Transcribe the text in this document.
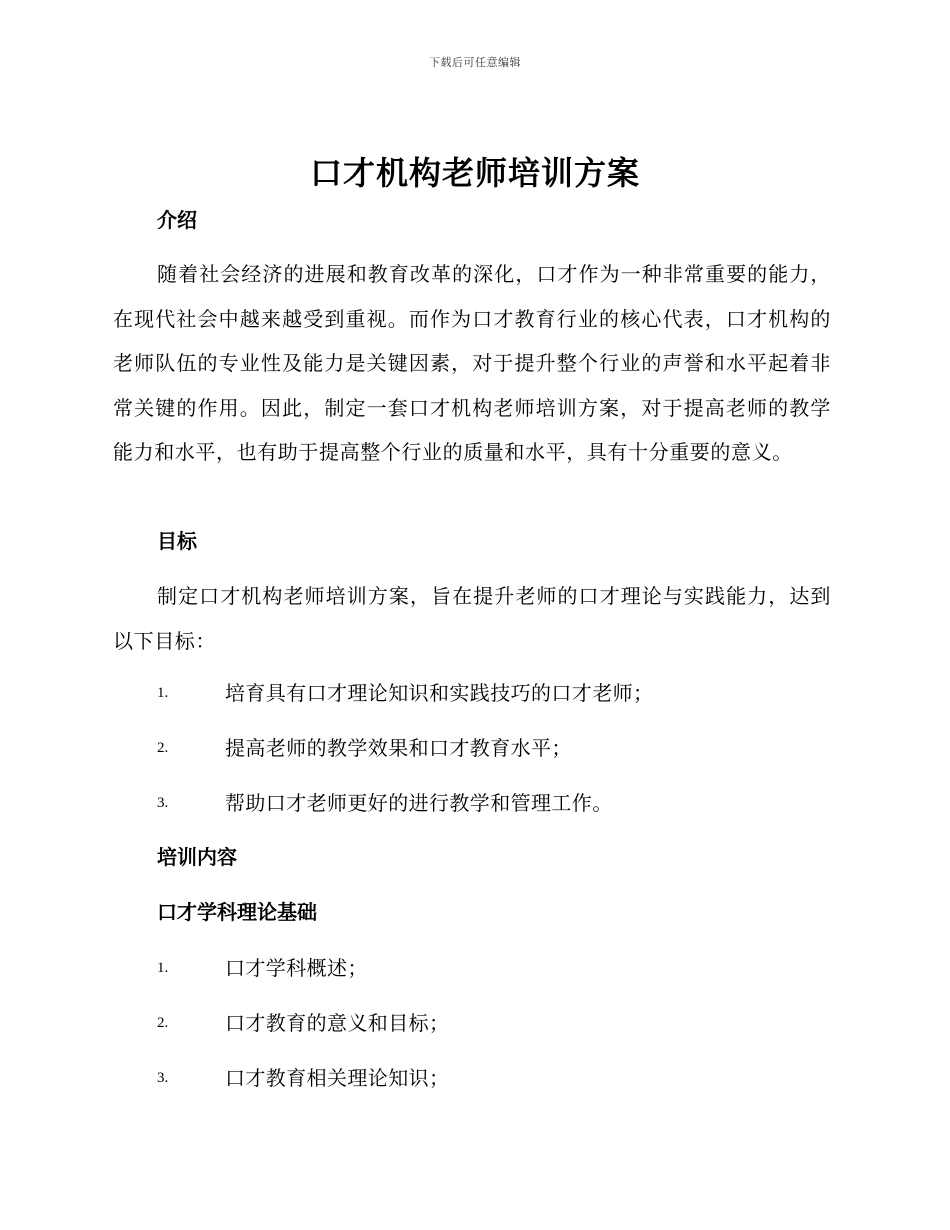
下载后可任意编辑
口才机构老师培训方案
介绍
随着社会经济的进展和教育改革的深化，口才作为一种非常重要的能力，在现代社会中越来越受到重视。而作为口才教育行业的核心代表，口才机构的老师队伍的专业性及能力是关键因素，对于提升整个行业的声誉和水平起着非常关键的作用。因此，制定一套口才机构老师培训方案，对于提高老师的教学能力和水平，也有助于提高整个行业的质量和水平，具有十分重要的意义。
目标
制定口才机构老师培训方案，旨在提升老师的口才理论与实践能力，达到以下目标：
1.	培育具有口才理论知识和实践技巧的口才老师；
2.	提高老师的教学效果和口才教育水平；
3.	帮助口才老师更好的进行教学和管理工作。
培训内容
口才学科理论基础
1.	口才学科概述；
2.	口才教育的意义和目标；
3.	口才教育相关理论知识；
